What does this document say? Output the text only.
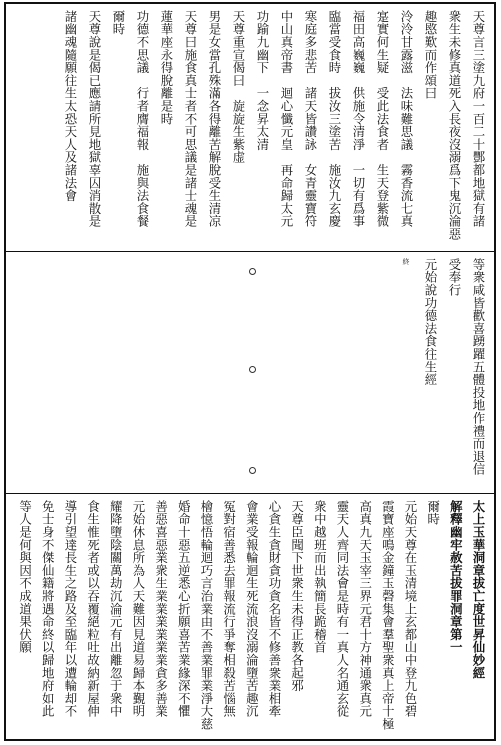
天尊言三塗九府一百二十酆都地獄有諸
衆生未修真道死入長夜沒溺爲下鬼沉淪惡
趣愍歎而作頌曰
泠泠甘露滋　法味難思議　霧香流七真
寔實何生疑　受此法食者　生天登紫微
福田高巍巍　供施令清淨　一切有爲事
臨當受食時　拔汝三塗苦　施汝九玄慶
寒庭多悲苦　諸天皆讚詠　女青靈寶符
中山真帝書　迴心懺元皇　再命歸太元
功踰九幽下　一念昇太清
天尊重宣偈曰　旋旋生紫虚
男是女當孔殊滿各得離苦解脫受生清凉
天尊曰施食真士者不可思議是諸士魂是
蓮華座永得脫離是時
功德不思議　行者膺福報　施與法食餐
爾時
天尊說是偈已應請所見地獄辜囚消散是
諸幽魂隨願往生太恐天人及諸法會
等衆咸皆歡喜踴躍五體投地作禮而退信
受奉行
元始說功德法食往生經
終
太上玉華洞章拔亡度世昇仙妙經
解釋幽牢赦苦拔罪洞章第一
爾時
元始天尊在玉清境上玄都山中登九色碧
霞寶座鳴金鐘玉磬集會羣聖衆真上帝十極
高真九天玉宰三界元君十方神通衆真元
靈天人齊同法會是時有一真人名通玄從
衆中越班而出執簡長跪稽首
天尊臣聞下世衆生未得正教各起邪
心貪生貪財貪功貪名皆不修善衆業相牽
會業受報輪迴生死流浪沒溺淪墮苦趣沉
冤對宿善悉去罪報流行爭奪相殺苦惱無
檜憶悟輪迴巧言治業由不善業罪業淨大慈
婚命十惡五逆悉心折願喜苦業緣深不懼
善惡喜惡業衆生業業業業業業貪多善業
元始休息所為人天難因見道易歸本覲明
耀降墮陰關萬劫沉淪元有出離忽于衆中
食生惟死者或以吞覆絕粒吐故納新屋伸
導引望達長生之路及至臨年以遭輪却不
免士身不傑仙籍將遇命終以歸地府如此
等人是何與因不成道果伏願
